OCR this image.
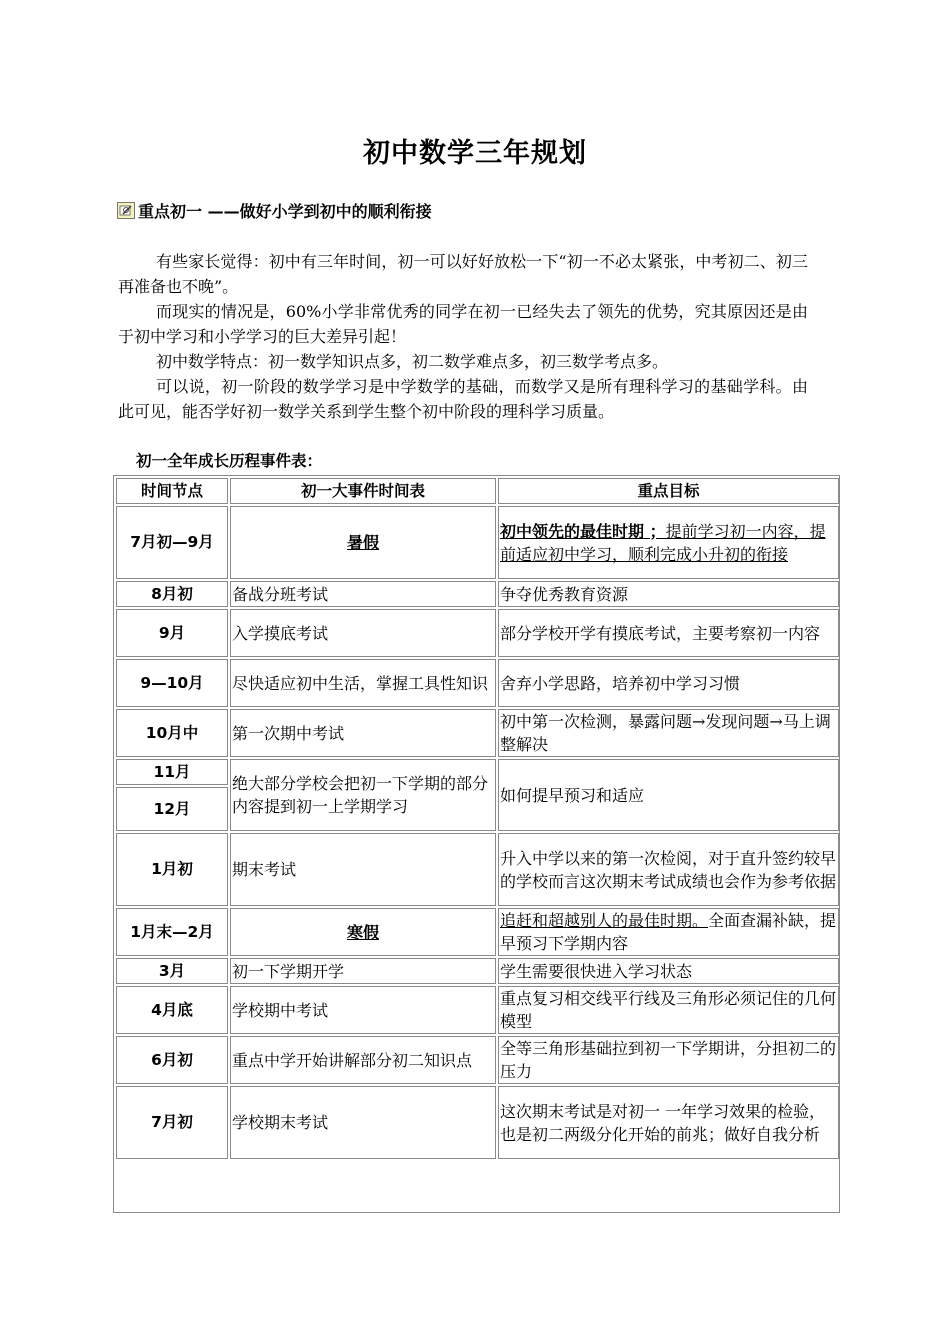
初中数学三年规划
重点初一 ——做好小学到初中的顺利衔接

有些家长觉得：初中有三年时间，初一可以好好放松一下“初一不必太紧张，中考初二、初三再准备也不晚”。

而现实的情况是，60%小学非常优秀的同学在初一已经失去了领先的优势，究其原因还是由于初中学习和小学学习的巨大差异引起！

初中数学特点：初一数学知识点多，初二数学难点多，初三数学考点多。

可以说，初一阶段的数学学习是中学数学的基础，而数学又是所有理科学习的基础学科。由此可见，能否学好初一数学关系到学生整个初中阶段的理科学习质量。

初一全年成长历程事件表：
时间节点	初一大事件时间表	重点目标
7月初—9月	暑假	初中领先的最佳时期 ；提前学习初一内容，提前适应初中学习，顺利完成小升初的衔接
8月初	备战分班考试	争夺优秀教育资源
9月	入学摸底考试	部分学校开学有摸底考试，主要考察初一内容
9—10月	尽快适应初中生活，掌握工具性知识	舍弃小学思路，培养初中学习习惯
10月中	第一次期中考试	初中第一次检测，暴露问题→发现问题→马上调整解决
11月	绝大部分学校会把初一下学期的部分内容提到初一上学期学习	如何提早预习和适应
12月		
1月初	期末考试	升入中学以来的第一次检阅，对于直升签约较早的学校而言这次期末考试成绩也会作为参考依据
1月末—2月	寒假	追赶和超越别人的最佳时期。全面查漏补缺，提早预习下学期内容
3月	初一下学期开学	学生需要很快进入学习状态
4月底	学校期中考试	重点复习相交线平行线及三角形必须记住的几何模型
6月初	重点中学开始讲解部分初二知识点	全等三角形基础拉到初一下学期讲，分担初二的压力
7月初	学校期末考试	这次期末考试是对初一 一年学习效果的检验，也是初二两级分化开始的前兆；做好自我分析
